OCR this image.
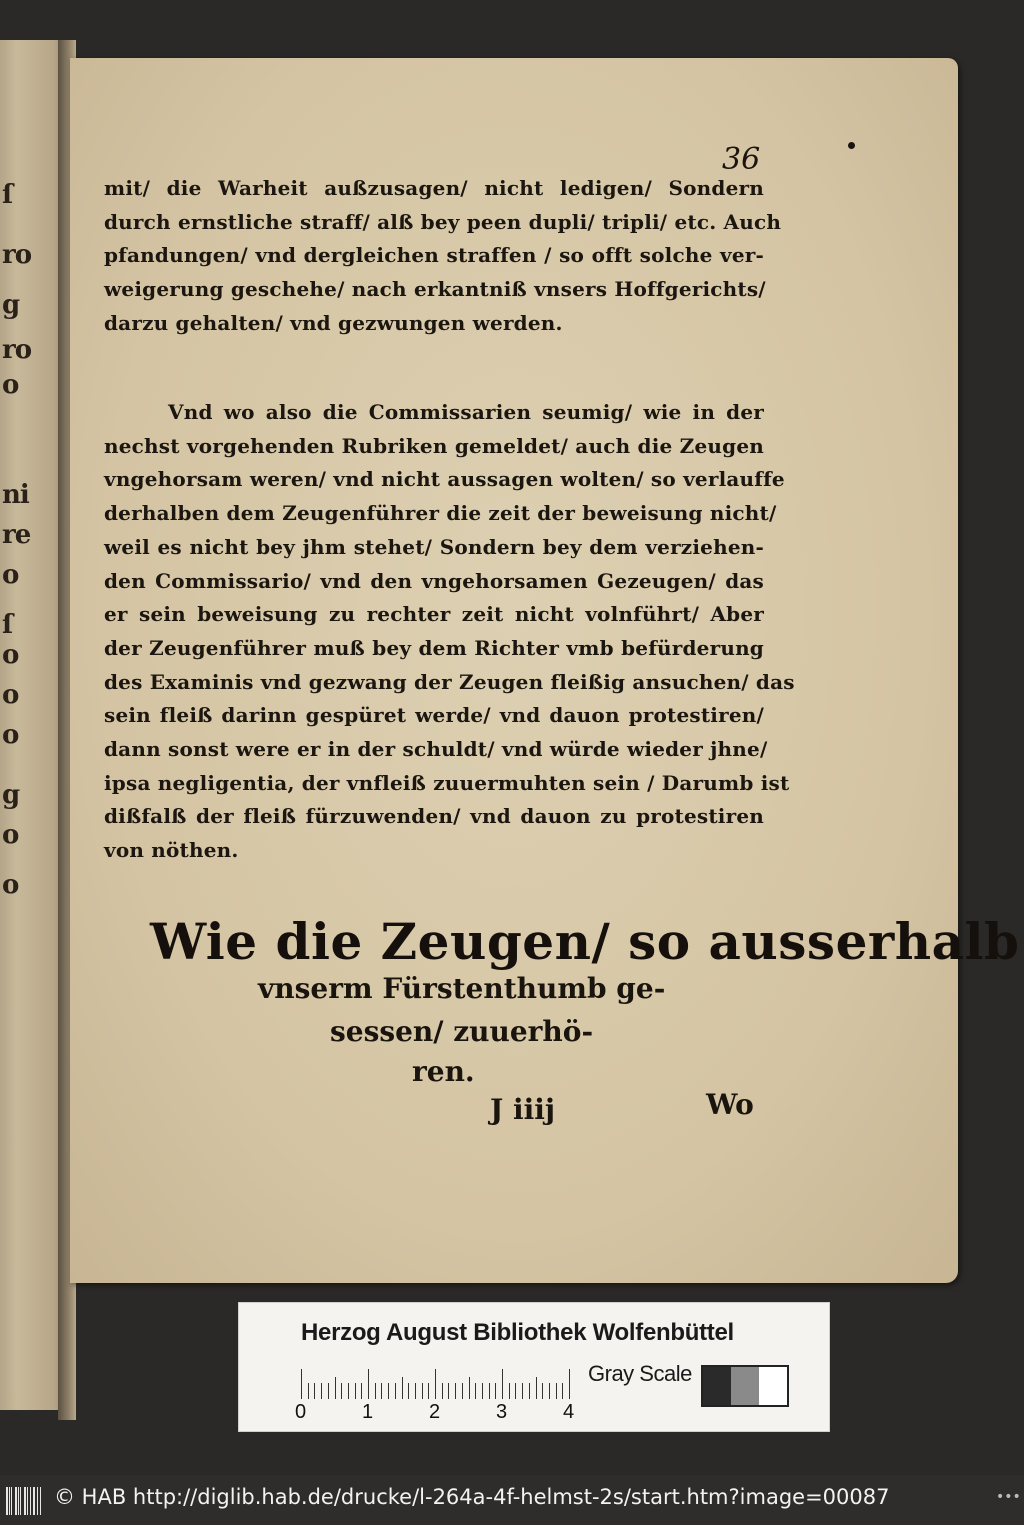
ſ
ro
g
ro
o
ni
re
o
ſ
o
o
o
g
o
o
36
mit/ die Warheit außzusagen/ nicht ledigen/ Sondern
durch ernstliche straff/ alß bey peen dupli/ tripli/ etc. Auch
pfandungen/ vnd dergleichen straffen / so offt solche ver-
weigerung geschehe/ nach erkantniß vnsers Hoffgerichts/
darzu gehalten/ vnd gezwungen werden.
Vnd wo also die Commissarien seumig/ wie in der
nechst vorgehenden Rubriken gemeldet/ auch die Zeugen
vngehorsam weren/ vnd nicht aussagen wolten/ so verlauffe
derhalben dem Zeugenführer die zeit der beweisung nicht/
weil es nicht bey jhm stehet/ Sondern bey dem verziehen-
den Commissario/ vnd den vngehorsamen Gezeugen/ das
er sein beweisung zu rechter zeit nicht volnführt/ Aber
der Zeugenführer muß bey dem Richter vmb befürderung
des Examinis vnd gezwang der Zeugen fleißig ansuchen/ das
sein fleiß darinn gespüret werde/ vnd dauon protestiren/
dann sonst were er in der schuldt/ vnd würde wieder jhne/
ipsa negligentia, der vnfleiß zuuermuhten sein / Darumb ist
dißfalß der fleiß fürzuwenden/ vnd dauon zu protestiren
von nöthen.
Wie die Zeugen/ so ausserhalb
vnserm Fürstenthumb ge-
sessen/ zuuerhö-
ren.
J iiij	Wo
Herzog August Bibliothek Wolfenbüttel
0	1	2	3	4
Gray Scale
© HAB http://diglib.hab.de/drucke/l-264a-4f-helmst-2s/start.htm?image=00087	•••
